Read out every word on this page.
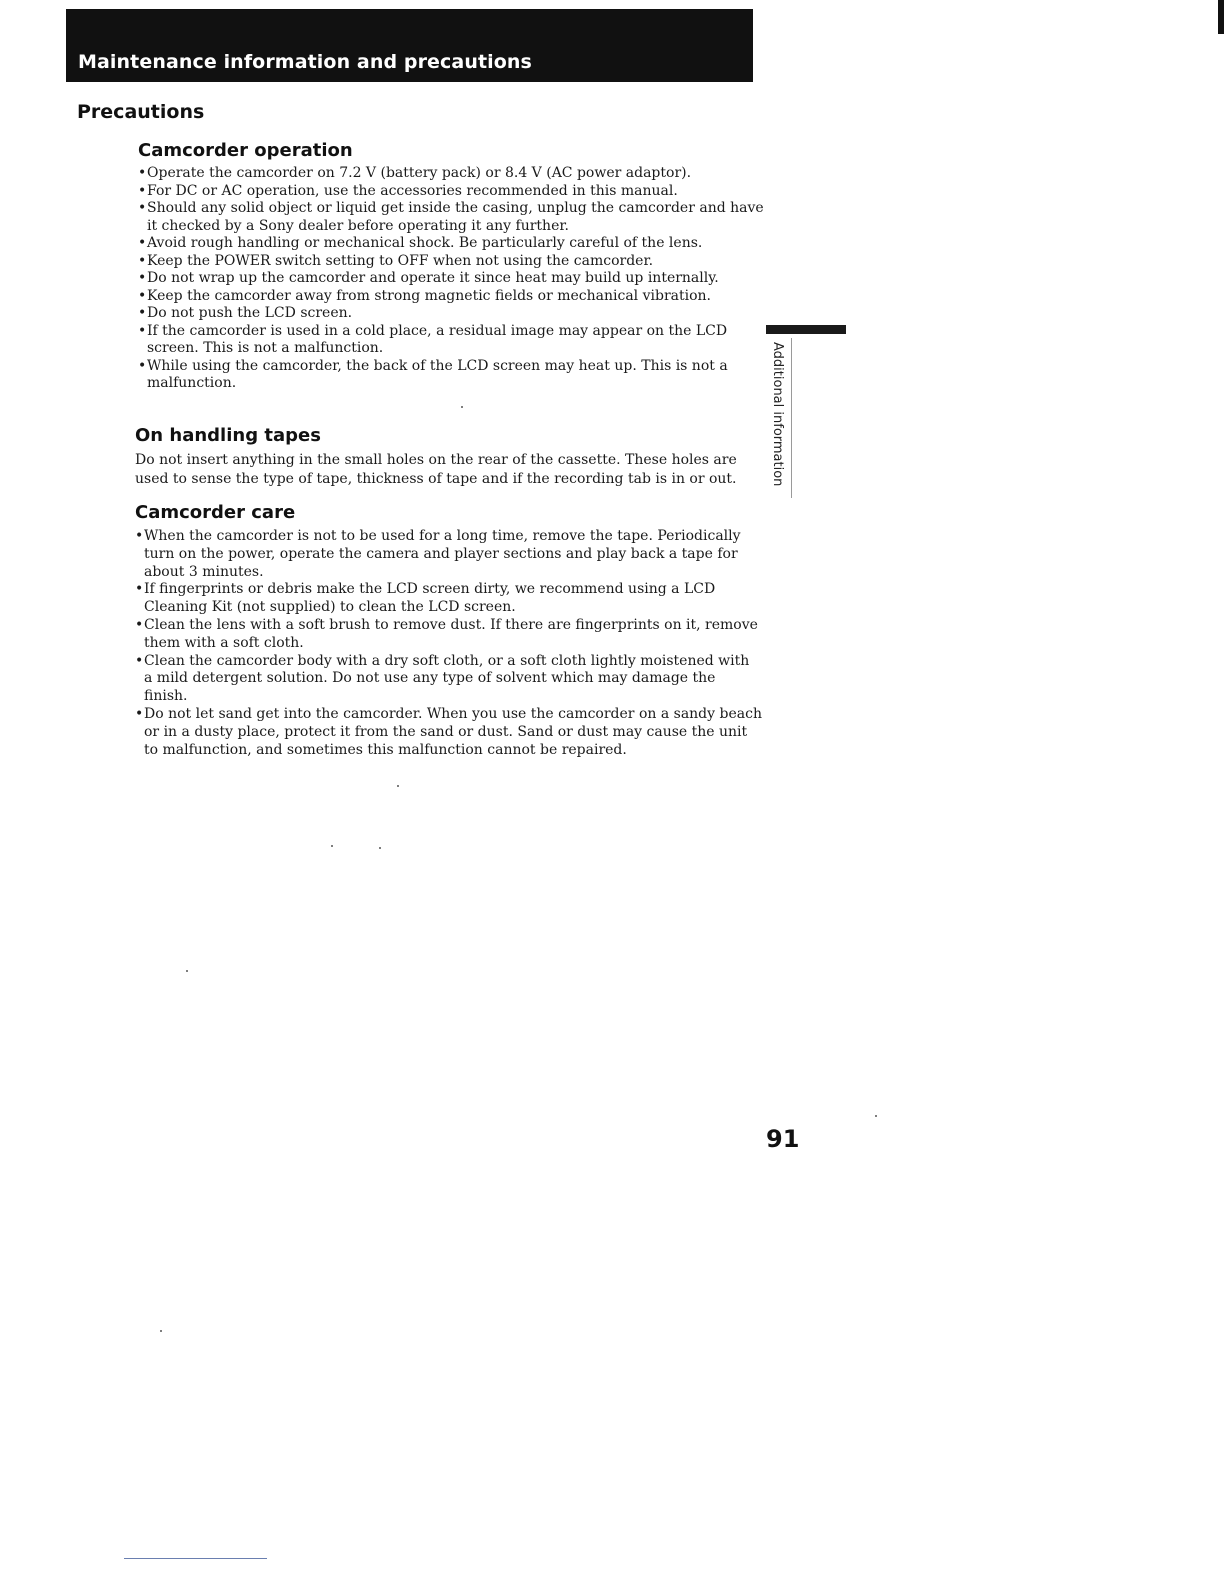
Maintenance information and precautions
Precautions
Camcorder operation
• Operate the camcorder on 7.2 V (battery pack) or 8.4 V (AC power adaptor).
• For DC or AC operation, use the accessories recommended in this manual.
• Should any solid object or liquid get inside the casing, unplug the camcorder and have
it checked by a Sony dealer before operating it any further.
• Avoid rough handling or mechanical shock. Be particularly careful of the lens.
• Keep the POWER switch setting to OFF when not using the camcorder.
• Do not wrap up the camcorder and operate it since heat may build up internally.
• Keep the camcorder away from strong magnetic fields or mechanical vibration.
• Do not push the LCD screen.
• If the camcorder is used in a cold place, a residual image may appear on the LCD
screen. This is not a malfunction.
• While using the camcorder, the back of the LCD screen may heat up. This is not a
malfunction.
On handling tapes
Do not insert anything in the small holes on the rear of the cassette. These holes are
used to sense the type of tape, thickness of tape and if the recording tab is in or out.
Camcorder care
• When the camcorder is not to be used for a long time, remove the tape. Periodically
turn on the power, operate the camera and player sections and play back a tape for
about 3 minutes.
• If fingerprints or debris make the LCD screen dirty, we recommend using a LCD
Cleaning Kit (not supplied) to clean the LCD screen.
• Clean the lens with a soft brush to remove dust. If there are fingerprints on it, remove
them with a soft cloth.
• Clean the camcorder body with a dry soft cloth, or a soft cloth lightly moistened with
a mild detergent solution. Do not use any type of solvent which may damage the
finish.
• Do not let sand get into the camcorder. When you use the camcorder on a sandy beach
or in a dusty place, protect it from the sand or dust. Sand or dust may cause the unit
to malfunction, and sometimes this malfunction cannot be repaired.
Additional information
91
